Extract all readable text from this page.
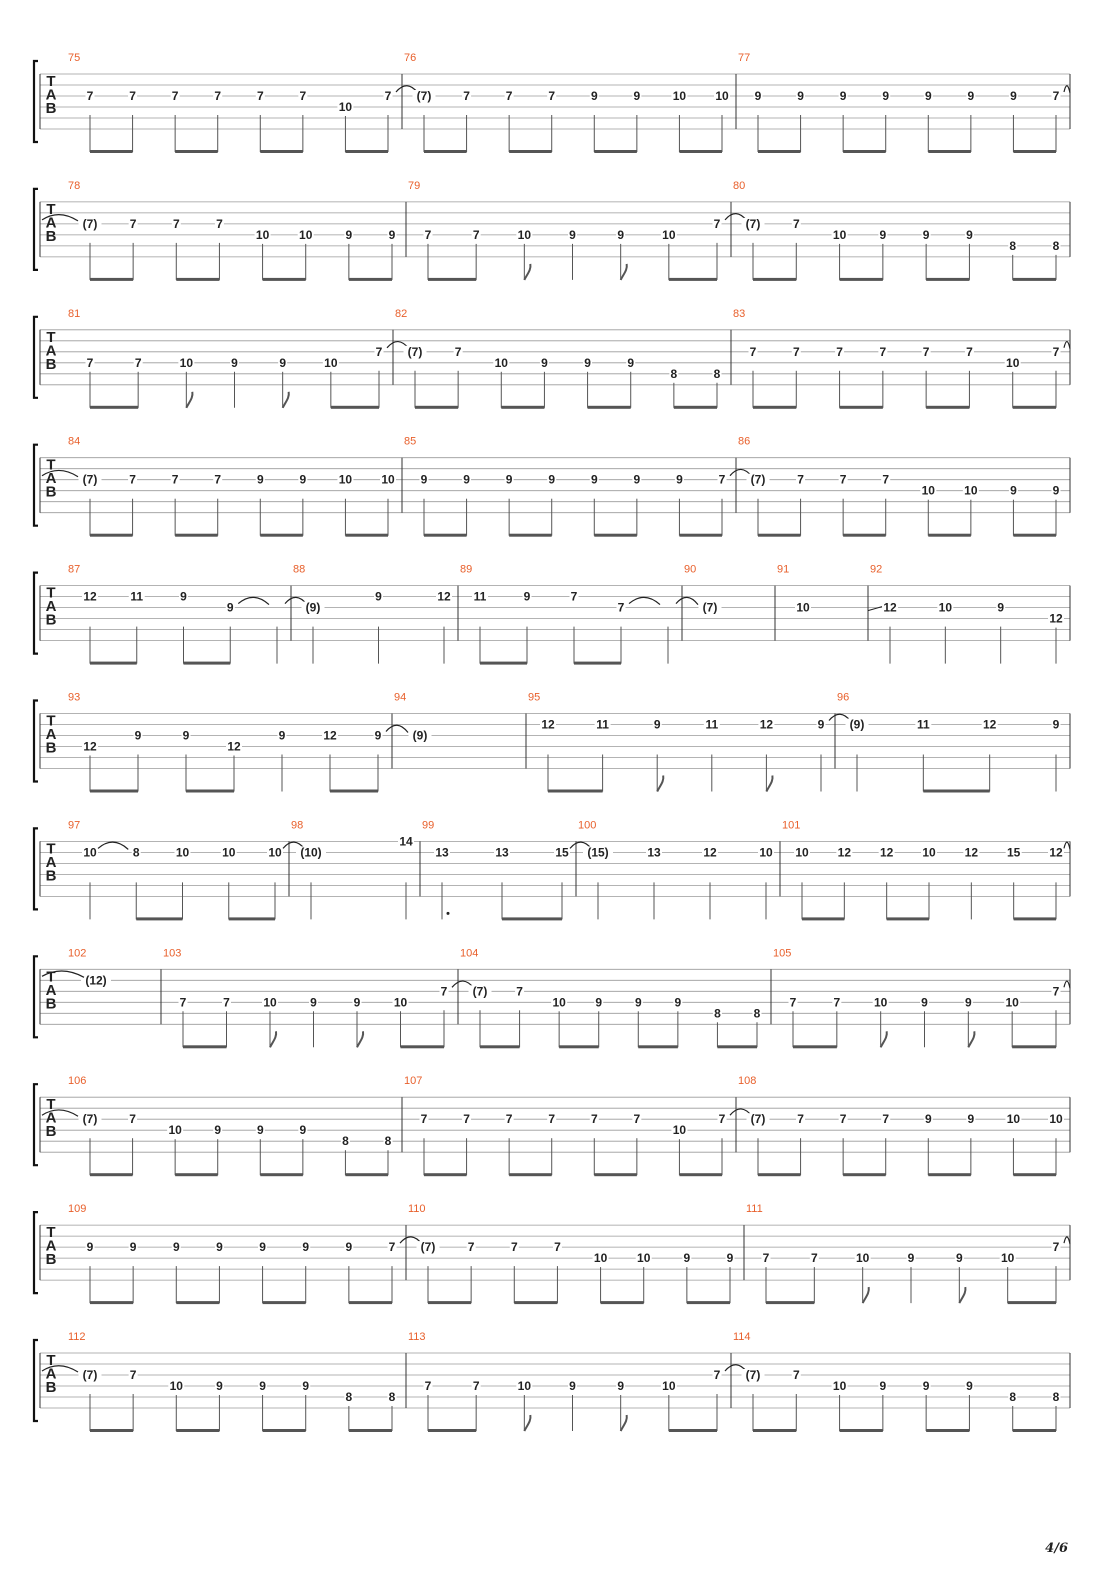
T
A
B
75
7	7	7	7	7	7
10
7
76
(7)	7	7	7	9	9	10 10
77
9	9	9	9	9	9	9	7
T
A
B
78
(7)	7	7	7
10 10	9	9
79
7	7	10	9	9	10
7
80
(7)	7
10	9	9	9
8	8
T
A
B
81
7	7	10	9	9	10
7
82
(7)	7
10	9	9	9
8	8
83
7	7	7	7	7	7
10
7
T
A
B
84
(7)	7	7	7	9	9	10 10
85
9	9	9	9	9	9	9	7
86
(7)	7	7	7
10 10	9	9
T
A
B
87
12	11	9
9
88
(9)
9	12
89
11	9	7
7
90
(7)
91
10
92
12	10	9
12
T
A
B
93
12
9	9
12
9	12	9
94
(9)
95
12	11	9	11	12	9
96
(9)	11	12	9
T
A
B
97
10	8	10	10	10
98
(10)
14
99
13	13	15
100
(15)	13	12	10
101
10 12 12 10 12 15 12
T
A
B
102
(12)
103
7	7	10	9	9	10
7
104
(7) 7
10 9	9	9
8	8
105
7	7	10	9	9	10
7
T
A
B
106
(7)	7
10	9	9	9
8	8
107
7	7	7	7	7	7
10
7
108
(7)	7	7	7	9	9	10 10
T
A
B
109
9	9	9	9	9	9	9	7
110
(7)	7	7	7
10 10	9	9
111
7	7	10	9	9	10
7
T
A
B
112
(7)	7
10	9	9	9
8	8
113
7	7	10	9	9	10
7
114
(7)	7
10	9	9	9
8	8
4/6
